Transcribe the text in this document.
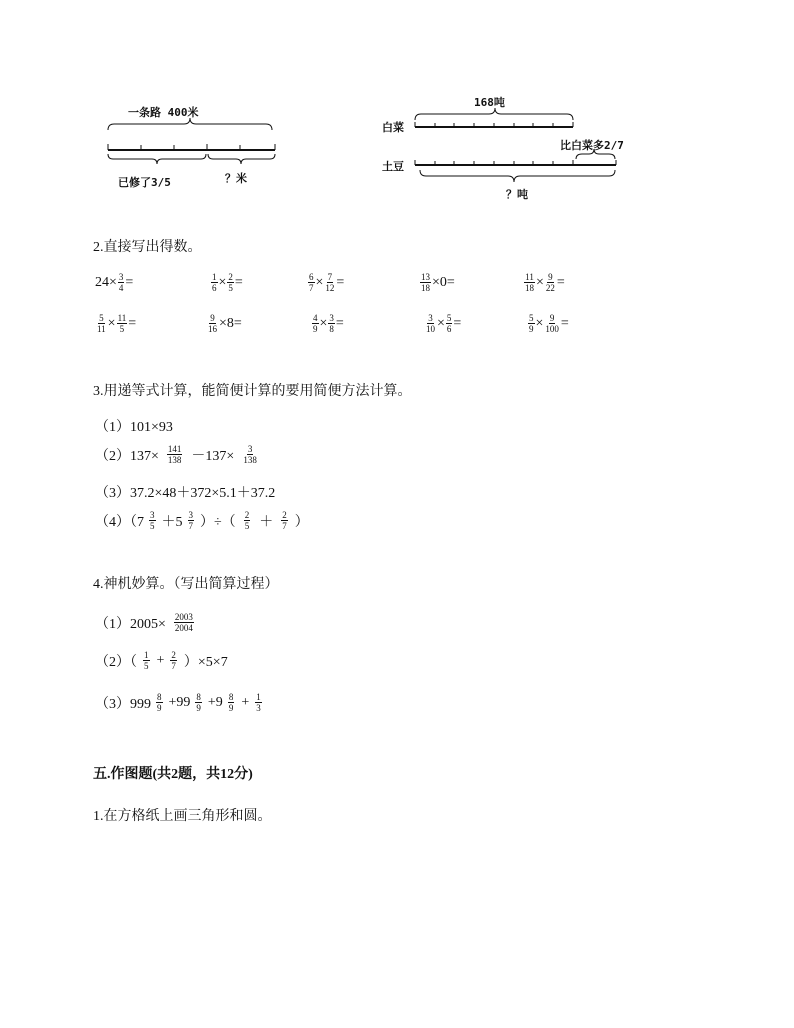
一条路 400米
已修了3/5	？米
168吨
白菜
土豆
比白菜多2/7
？吨
2.直接写出得数。
$24\times \frac{3}{4}$ =	$\frac{1}{6} \times \frac{2}{5}$ =	$\frac{6}{7} \times \frac{7}{12}$ =	$\frac{13}{18} \times 0=$	$\frac{11}{18} \times \frac{9}{22}$ =
$\frac{5}{11} \times \frac{11}{5}$ =	$\frac{9}{16} \times 8=$	$\frac{4}{9} \times \frac{3}{8}$ =	$\frac{3}{10} \times \frac{5}{6}$ =	$\frac{5}{9} \times \frac{9}{100}$ =
3.用递等式计算，能简便计算的要用简便方法计算。
（1）101×93
$(2)137\times \frac{141}{138} -137\times \frac{3}{138}$
（3）37.2×48＋372×5.1＋37.2
$(4)(7 \frac{3}{5} +5 \frac{3}{7}$ ）÷（ $\frac{2}{5} + \frac{2}{7}$ ）
4.神机妙算。（写出简算过程）
$(1)2005\times \frac{2003}{2004}$
$(2)( \frac{1}{5} + \frac{2}{7} )\times 5\times 7$
$(3)999 \frac{8}{9} +99 \frac{8}{9} +9 \frac{8}{9} + \frac{1}{3}$
五.作图题(共2题，共12分)
1.在方格纸上画三角形和圆。
